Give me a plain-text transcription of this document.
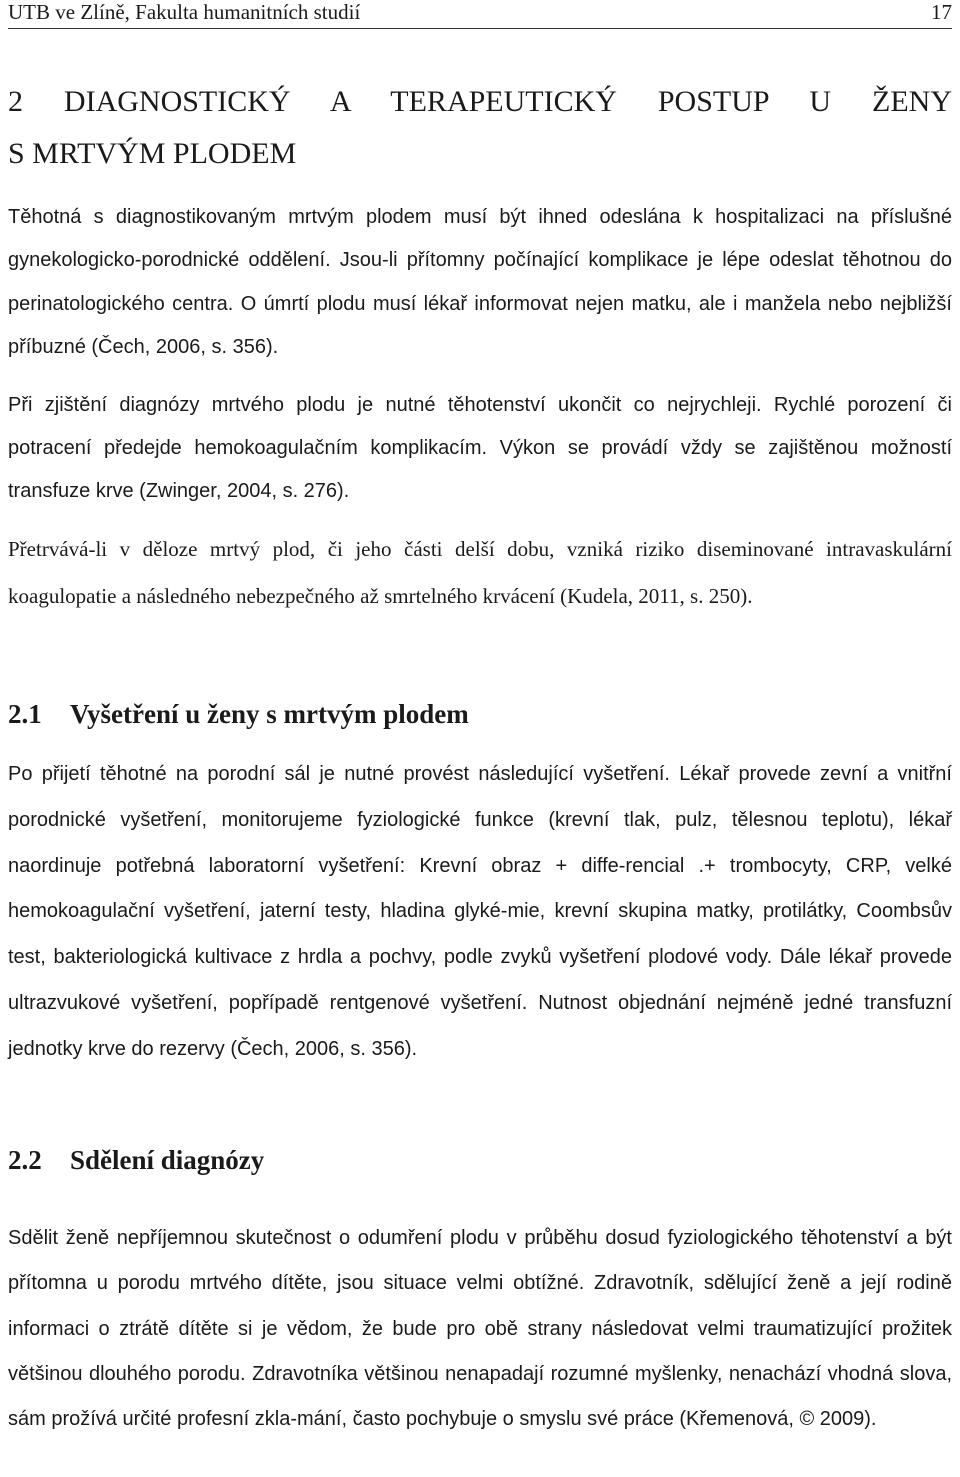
UTB ve Zlíně, Fakulta humanitních studií	17
2   DIAGNOSTICKÝ   A   TERAPEUTICKÝ   POSTUP   U   ŽENY
S MRTVÝM PLODEM

Těhotná s diagnostikovaným mrtvým plodem musí být ihned odeslána k hospitalizaci na příslušné gynekologicko-porodnické oddělení. Jsou-li přítomny počínající komplikace je lépe odeslat těhotnou do perinatologického centra. O úmrtí plodu musí lékař informovat nejen matku, ale i manžela nebo nejbližší příbuzné (Čech, 2006, s. 356).

Při zjištění diagnózy mrtvého plodu je nutné těhotenství ukončit co nejrychleji. Rychlé porození či potracení předejde hemokoagulačním komplikacím. Výkon se provádí vždy se zajištěnou možností transfuze krve (Zwinger, 2004, s. 276).

Přetrvává-li v děloze mrtvý plod, či jeho části delší dobu, vzniká riziko diseminované intravaskulární koagulopatie a následného nebezpečného až smrtelného krvácení (Kudela, 2011, s. 250).

2.1 Vyšetření u ženy s mrtvým plodem

Po přijetí těhotné na porodní sál je nutné provést následující vyšetření. Lékař provede zevní a vnitřní porodnické vyšetření, monitorujeme fyziologické funkce (krevní tlak, pulz, tělesnou teplotu), lékař naordinuje potřebná laboratorní vyšetření: Krevní obraz + diffe-rencial .+ trombocyty, CRP, velké hemokoagulační vyšetření, jaterní testy, hladina glyké-mie, krevní skupina matky, protilátky, Coombsův test, bakteriologická kultivace z hrdla a pochvy, podle zvyků vyšetření plodové vody. Dále lékař provede ultrazvukové vyšetření, popřípadě rentgenové vyšetření. Nutnost objednání nejméně jedné transfuzní jednotky krve do rezervy (Čech, 2006, s. 356).

2.2 Sdělení diagnózy

Sdělit ženě nepříjemnou skutečnost o odumření plodu v průběhu dosud fyziologického těhotenství a být přítomna u porodu mrtvého dítěte, jsou situace velmi obtížné. Zdravotník, sdělující ženě a její rodině informaci o ztrátě dítěte si je vědom, že bude pro obě strany následovat velmi traumatizující prožitek většinou dlouhého porodu. Zdravotníka většinou nenapadají rozumné myšlenky, nenachází vhodná slova, sám prožívá určité profesní zkla-mání, často pochybuje o smyslu své práce (Křemenová, © 2009).
